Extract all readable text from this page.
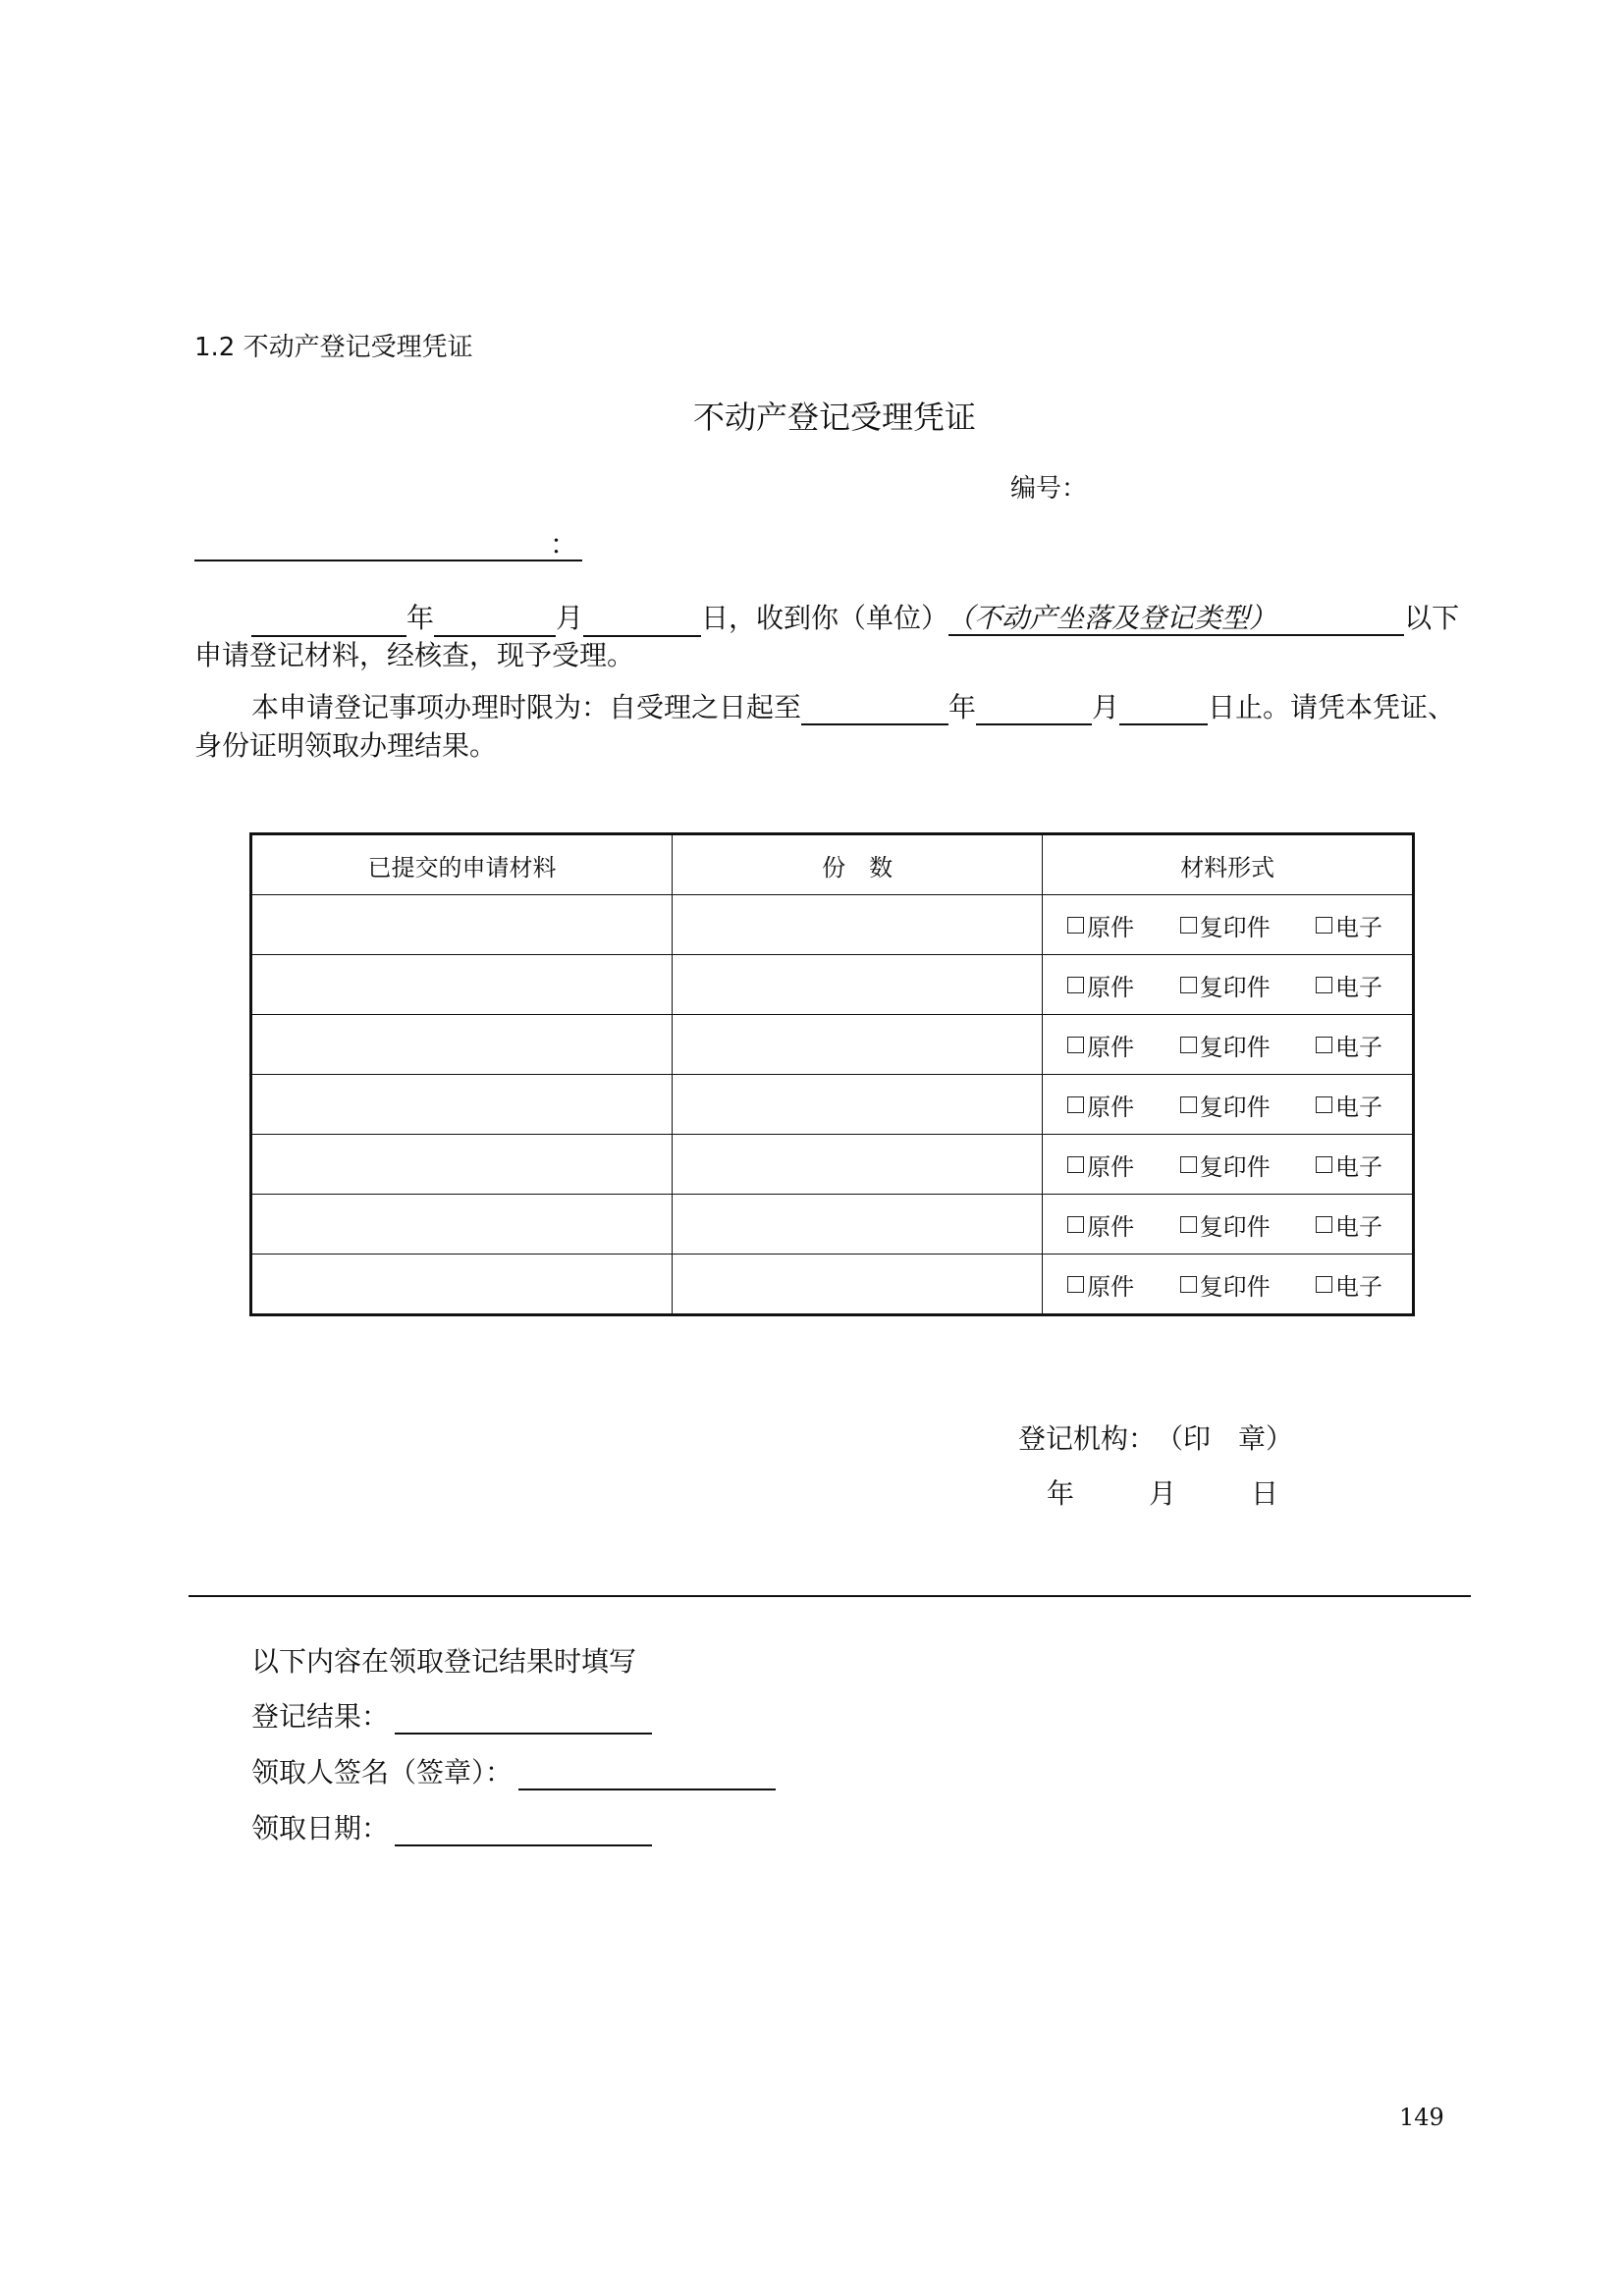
1.2 不动产登记受理凭证
不动产登记受理凭证
编号：
：
年	月	日，收到你（单位） （不动产坐落及登记类型）	以下
申请登记材料，经核查，现予受理。
本申请登记事项办理时限为：自受理之日起至	年	月	日止。请凭本凭证、
身份证明领取办理结果。
已提交的申请材料	份　数	材料形式

		原件 复印件 电子

		原件 复印件 电子

		原件 复印件 电子

		原件 复印件 电子

		原件 复印件 电子

		原件 复印件 电子

		原件 复印件 电子
登记机构： （印　章）
年	月	日
以下内容在领取登记结果时填写
登记结果：
领取人签名（签章）：
领取日期：
149
